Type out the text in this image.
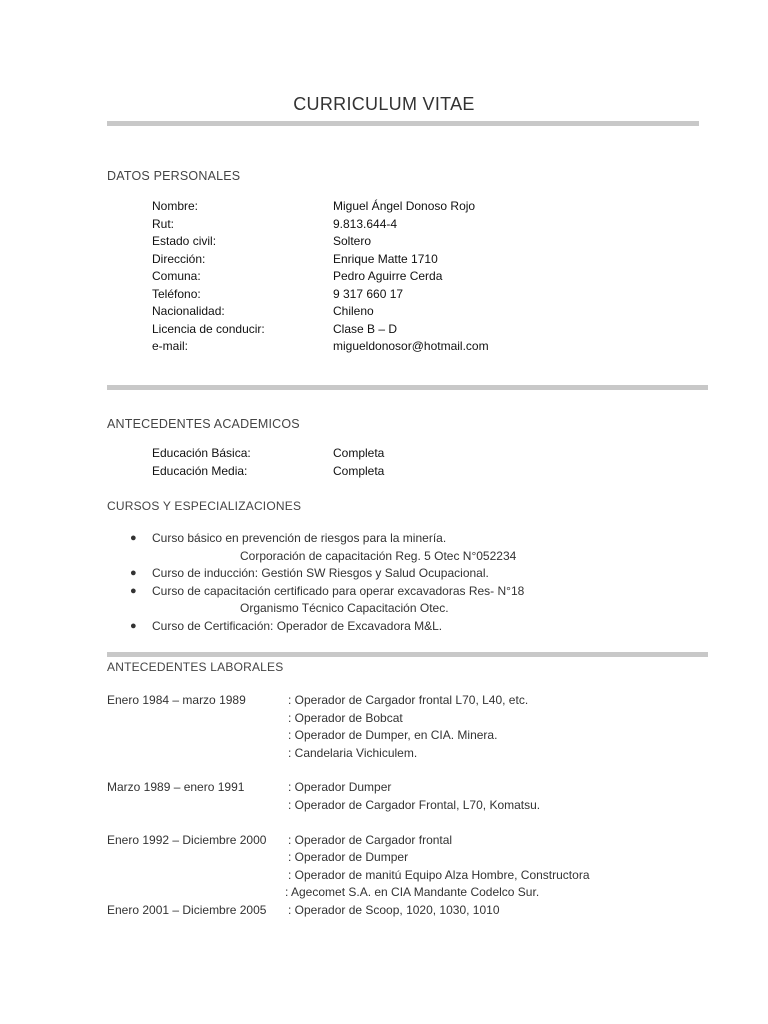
CURRICULUM VITAE
DATOS PERSONALES
Nombre:	Miguel Ángel Donoso Rojo
Rut:	9.813.644-4
Estado civil:	Soltero
Dirección:	Enrique Matte 1710
Comuna:	Pedro Aguirre Cerda
Teléfono:	9 317 660 17
Nacionalidad:	Chileno
Licencia de conducir:	Clase B – D
e-mail:	migueldonosor@hotmail.com
ANTECEDENTES ACADEMICOS
Educación Básica:	Completa
Educación Media:	Completa
CURSOS Y ESPECIALIZACIONES
● Curso básico en prevención de riesgos para la minería.
Corporación de capacitación Reg. 5 Otec N°052234
● Curso de inducción: Gestión SW Riesgos y Salud Ocupacional.
● Curso de capacitación certificado para operar excavadoras Res- N°18
Organismo Técnico Capacitación Otec.
● Curso de Certificación: Operador de Excavadora M&L.
ANTECEDENTES LABORALES
Enero 1984 – marzo 1989	: Operador de Cargador frontal L70, L40, etc.
: Operador de Bobcat
: Operador de Dumper, en CIA. Minera.
: Candelaria Vichiculem.
Marzo 1989 – enero 1991	: Operador Dumper
: Operador de Cargador Frontal, L70, Komatsu.
Enero 1992 – Diciembre 2000	: Operador de Cargador frontal
: Operador de Dumper
: Operador de manitú Equipo Alza Hombre, Constructora
: Agecomet S.A. en CIA Mandante Codelco Sur.
Enero 2001 – Diciembre 2005	: Operador de Scoop, 1020, 1030, 1010
